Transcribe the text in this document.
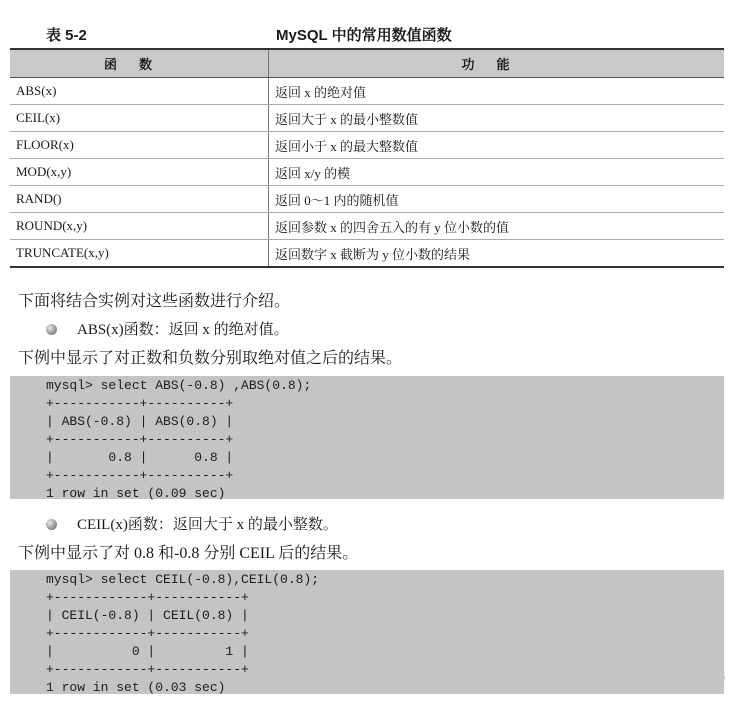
表 5-2	MySQL 中的常用数值函数
函数	功能
ABS(x)	返回 x 的绝对值
CEIL(x)	返回大于 x 的最小整数值
FLOOR(x)	返回小于 x 的最大整数值
MOD(x,y)	返回 x/y 的模
RAND()	返回 0～1 内的随机值
ROUND(x,y)	返回参数 x 的四舍五入的有 y 位小数的值
TRUNCATE(x,y)	返回数字 x 截断为 y 位小数的结果
下面将结合实例对这些函数进行介绍。
ABS(x)函数：返回 x 的绝对值。
下例中显示了对正数和负数分别取绝对值之后的结果。
mysql> select ABS(-0.8) ,ABS(0.8);
+-----------+----------+
| ABS(-0.8) | ABS(0.8) |
+-----------+----------+
|       0.8 |      0.8 |
+-----------+----------+
1 row in set (0.09 sec)
CEIL(x)函数：返回大于 x 的最小整数。
下例中显示了对 0.8 和-0.8 分别 CEIL 后的结果。
mysql> select CEIL(-0.8),CEIL(0.8);
+------------+-----------+
| CEIL(-0.8) | CEIL(0.8) |
+------------+-----------+
|          0 |         1 |
+------------+-----------+
1 row in set (0.03 sec)
6
